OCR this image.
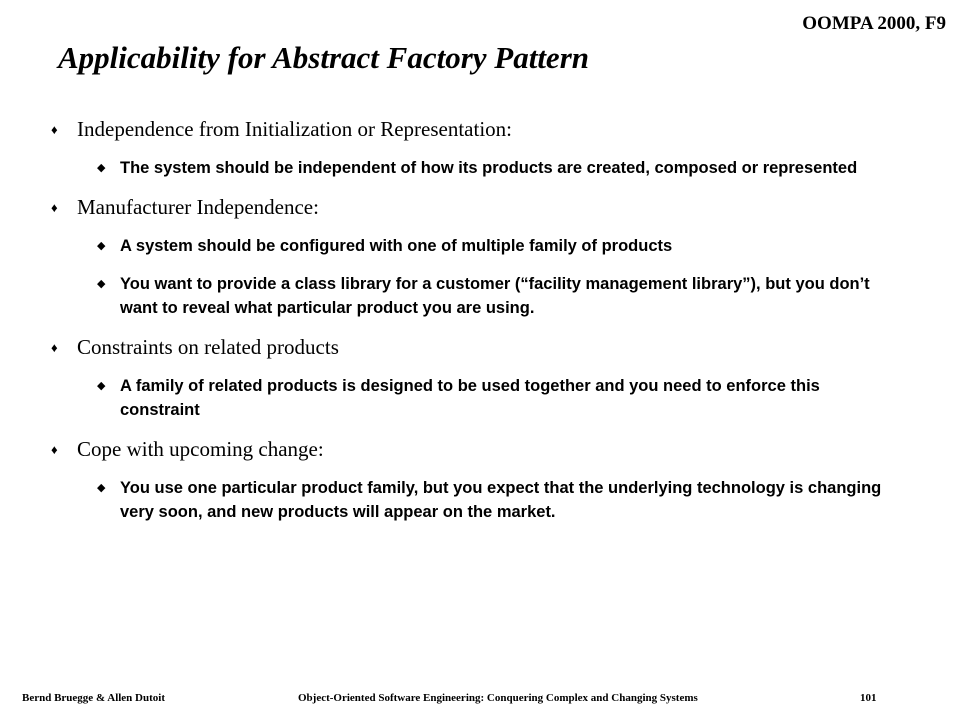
OOMPA 2000, F9
Applicability for Abstract Factory Pattern
♦ Independence from Initialization or Representation:
◆ The system should be independent of how its products are created, composed or represented
♦ Manufacturer Independence:
◆ A system should be configured with one of multiple family of products
◆ You want to provide a class library for a customer (“facility management library”), but you don’t want to reveal what particular product you are using.
♦ Constraints on related products
◆ A family of related products is designed to be used together and you need to enforce this constraint
♦ Cope with upcoming change:
◆ You use one particular product family, but you expect that the underlying technology is changing very soon, and new products will appear on the market.
Bernd Bruegge & Allen Dutoit	Object-Oriented Software Engineering: Conquering Complex and Changing Systems	101
